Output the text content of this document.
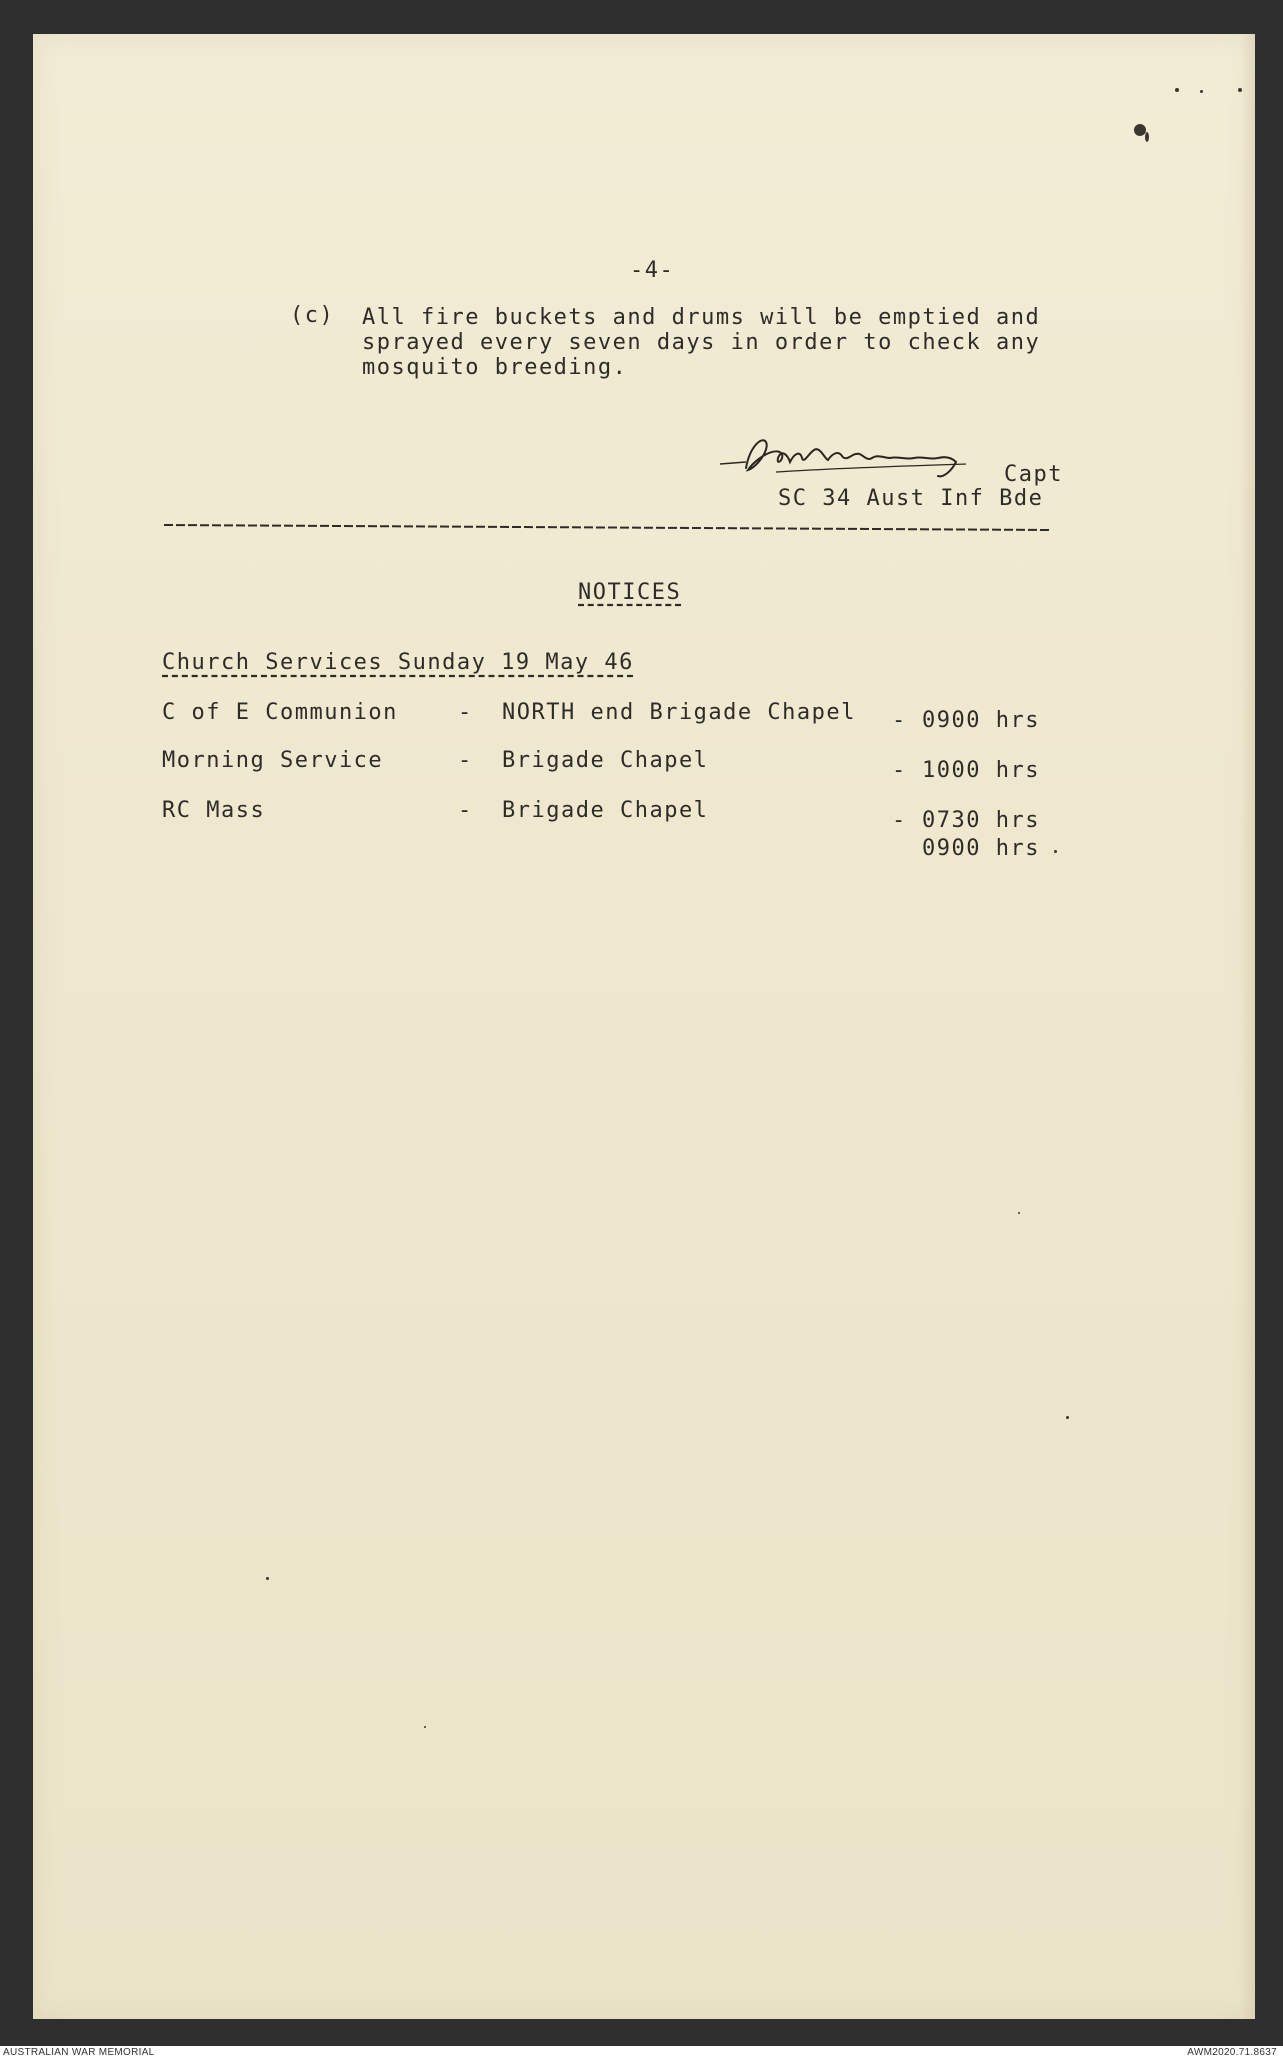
-4-

(c) All fire buckets and drums will be emptied and

sprayed every seven days in order to check any

mosquito breeding.

Capt

SC 34 Aust Inf Bde

NOTICES

Church Services Sunday 19 May 46

C of E Communion	- NORTH end Brigade Chapel - 0900 hrs

Morning Service	- Brigade Chapel	- 1000 hrs

RC Mass	- Brigade Chapel	- 0730 hrs

0900 hrs

AUSTRALIAN WAR MEMORIAL	AWM2020.71.8637
